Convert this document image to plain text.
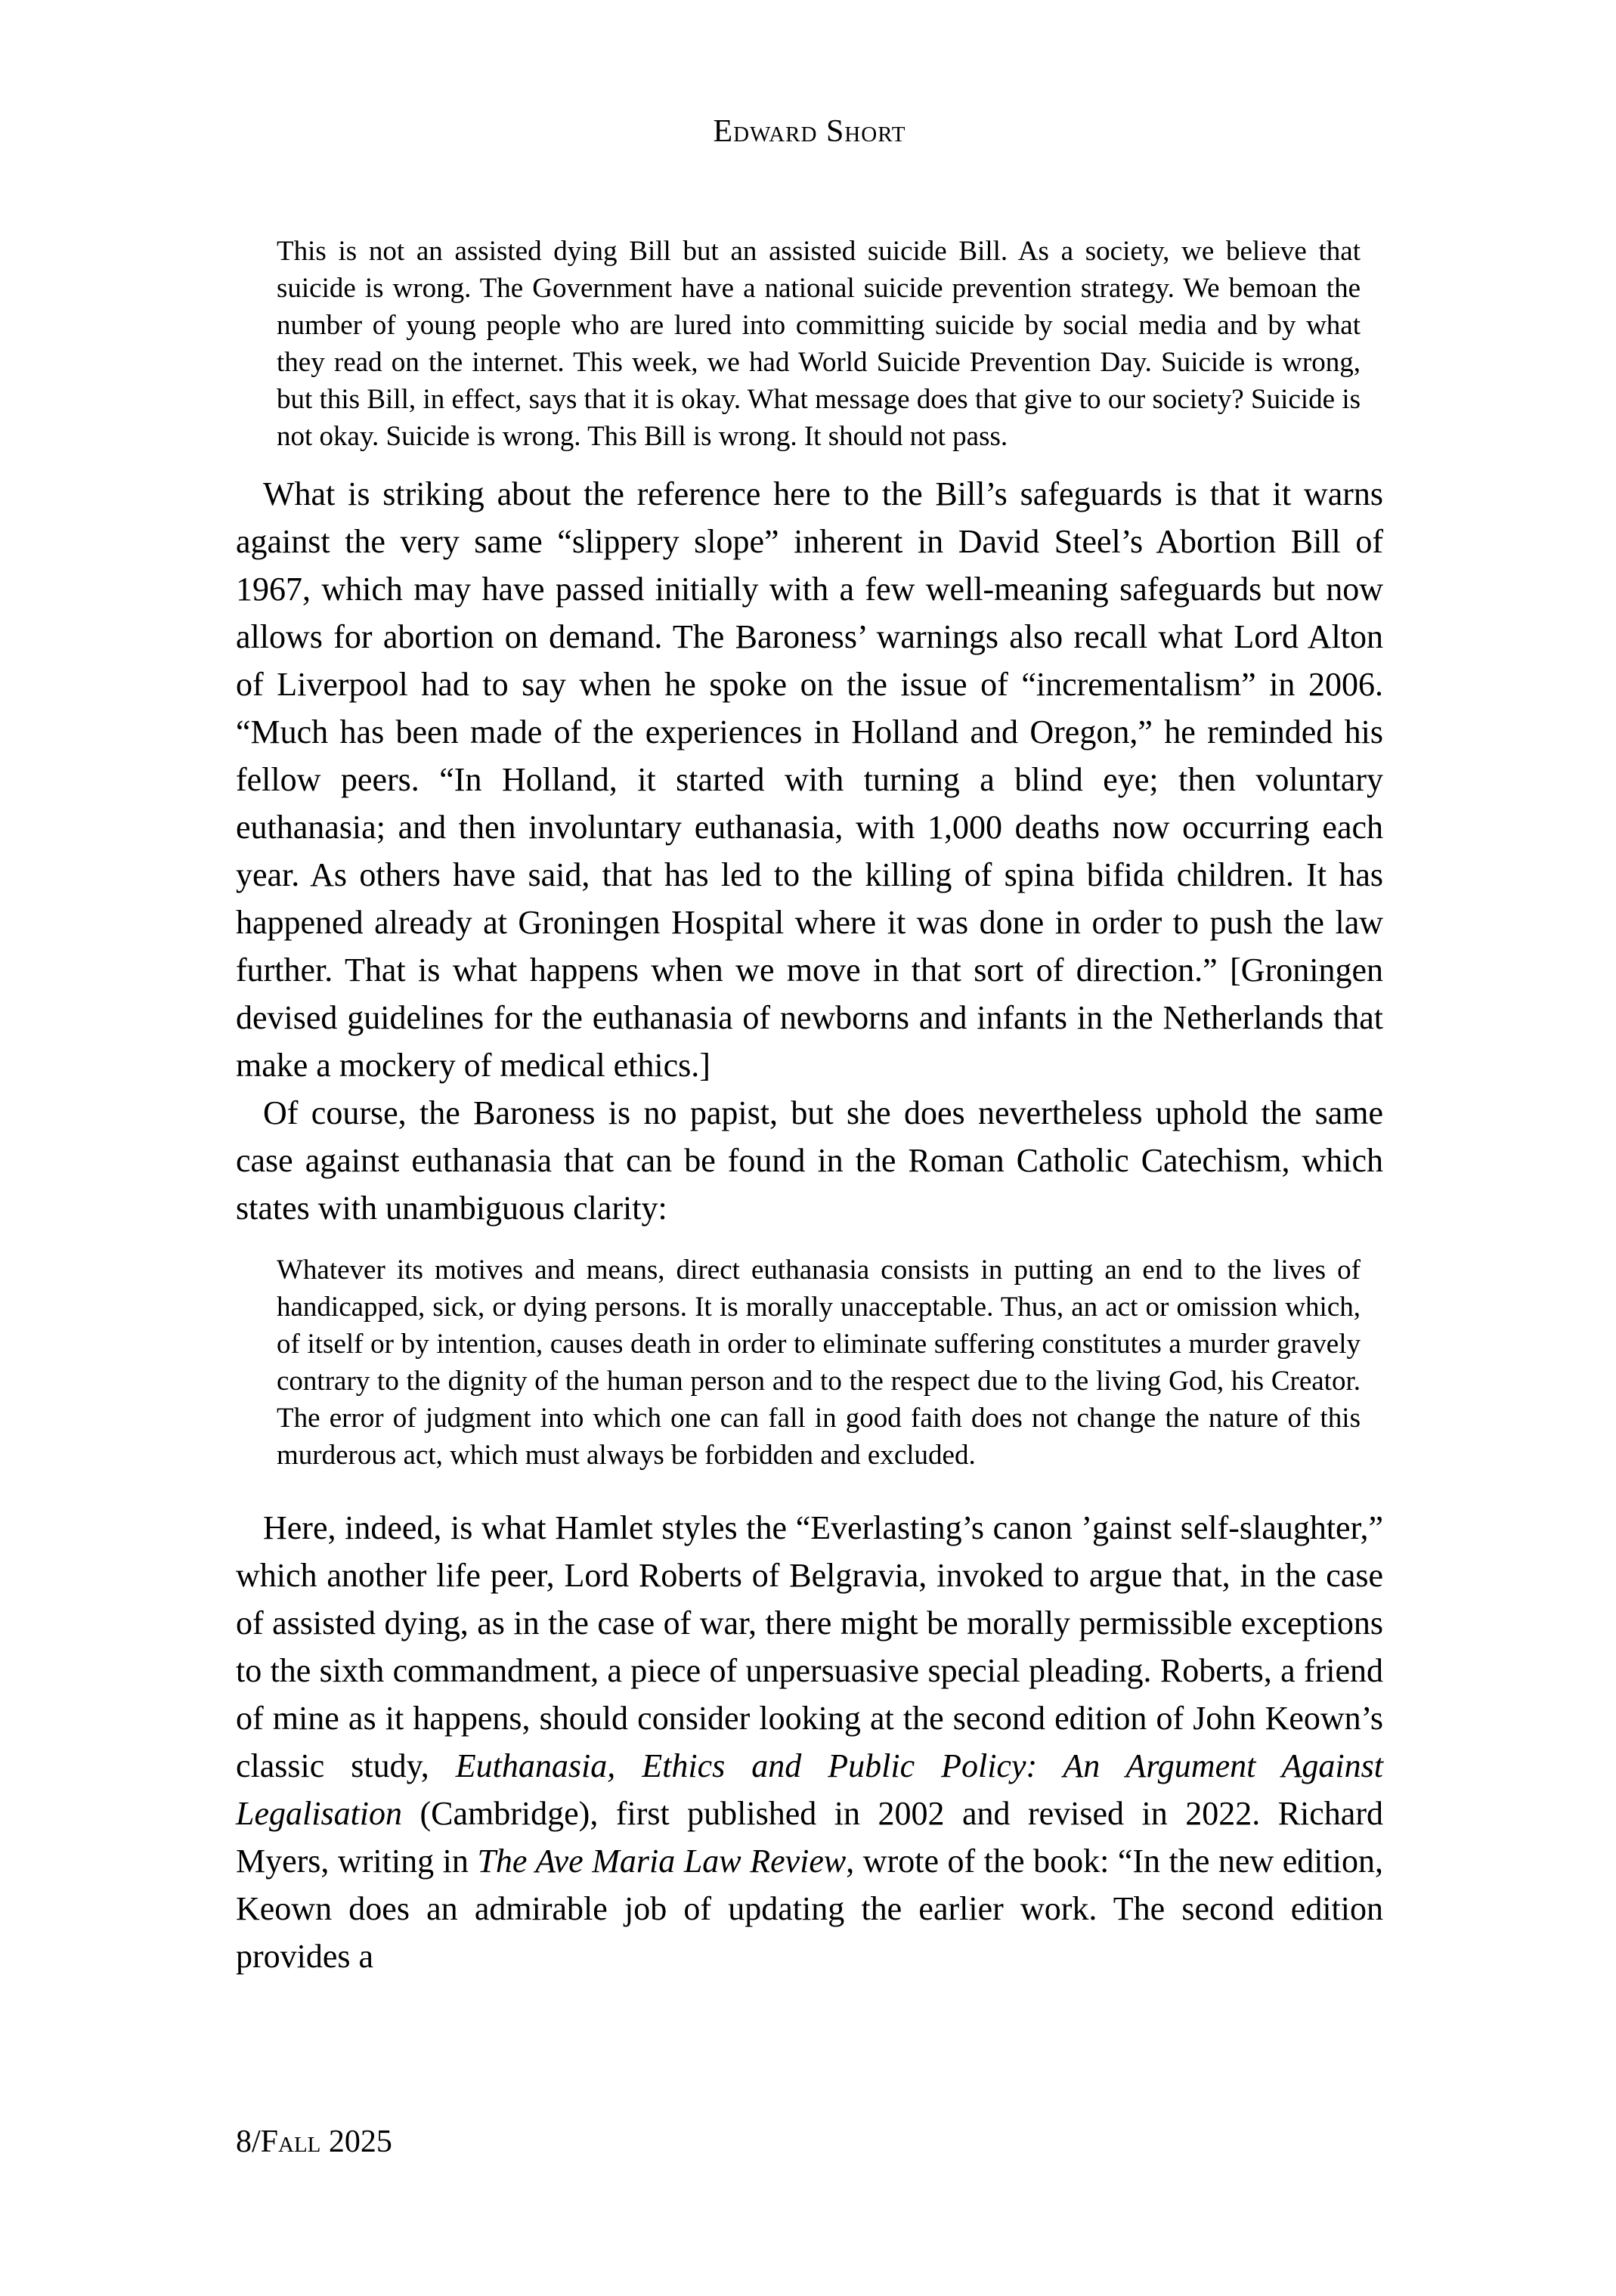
Edward Short
This is not an assisted dying Bill but an assisted suicide Bill. As a society, we believe that suicide is wrong. The Government have a national suicide prevention strategy. We bemoan the number of young people who are lured into committing suicide by social media and by what they read on the internet. This week, we had World Suicide Prevention Day. Suicide is wrong, but this Bill, in effect, says that it is okay. What message does that give to our society? Suicide is not okay. Suicide is wrong. This Bill is wrong. It should not pass.

What is striking about the reference here to the Bill’s safeguards is that it warns against the very same “slippery slope” inherent in David Steel’s Abortion Bill of 1967, which may have passed initially with a few well-meaning safeguards but now allows for abortion on demand. The Baroness’ warnings also recall what Lord Alton of Liverpool had to say when he spoke on the issue of “incrementalism” in 2006. “Much has been made of the experiences in Holland and Oregon,” he reminded his fellow peers. “In Holland, it started with turning a blind eye; then voluntary euthanasia; and then involuntary euthanasia, with 1,000 deaths now occurring each year. As others have said, that has led to the killing of spina bifida children. It has happened already at Groningen Hospital where it was done in order to push the law further. That is what happens when we move in that sort of direction.” [Groningen devised guidelines for the euthanasia of newborns and infants in the Netherlands that make a mockery of medical ethics.]

Of course, the Baroness is no papist, but she does nevertheless uphold the same case against euthanasia that can be found in the Roman Catholic Catechism, which states with unambiguous clarity:

Whatever its motives and means, direct euthanasia consists in putting an end to the lives of handicapped, sick, or dying persons. It is morally unacceptable. Thus, an act or omission which, of itself or by intention, causes death in order to eliminate suffering constitutes a murder gravely contrary to the dignity of the human person and to the respect due to the living God, his Creator. The error of judgment into which one can fall in good faith does not change the nature of this murderous act, which must always be forbidden and excluded.

Here, indeed, is what Hamlet styles the “Everlasting’s canon ’gainst self-slaughter,” which another life peer, Lord Roberts of Belgravia, invoked to argue that, in the case of assisted dying, as in the case of war, there might be morally permissible exceptions to the sixth commandment, a piece of unpersuasive special pleading. Roberts, a friend of mine as it happens, should consider looking at the second edition of John Keown’s classic study, Euthanasia, Ethics and Public Policy: An Argument Against Legalisation (Cambridge), first published in 2002 and revised in 2022. Richard Myers, writing in The Ave Maria Law Review, wrote of the book: “In the new edition, Keown does an admirable job of updating the earlier work. The second edition provides a

8/Fall 2025
